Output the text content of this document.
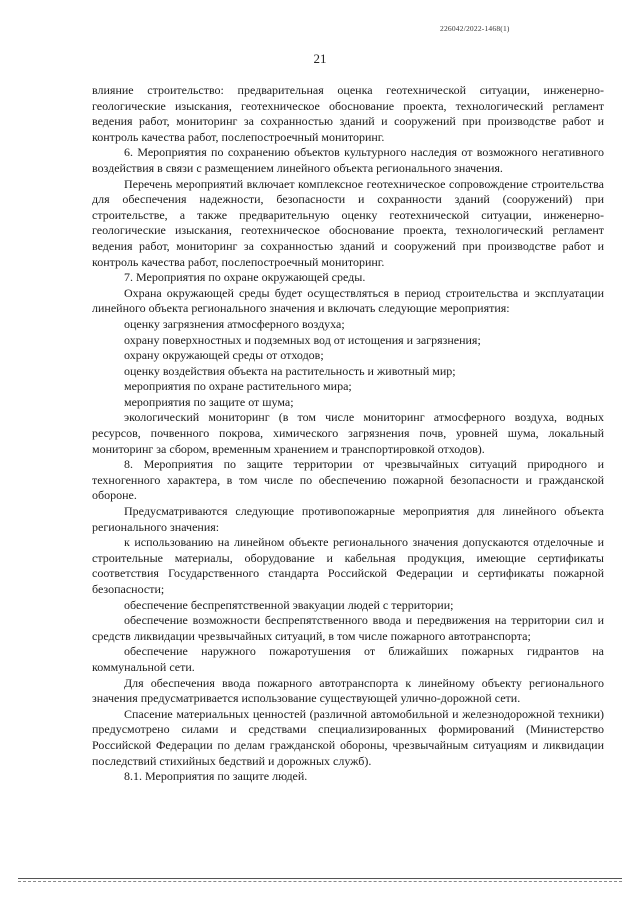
226042/2022-1468(1)
21

влияние строительство: предварительная оценка геотехнической ситуации, инженерно-геологические изыскания, геотехническое обоснование проекта, технологический регламент ведения работ, мониторинг за сохранностью зданий и сооружений при производстве работ и контроль качества работ, послепостроечный мониторинг.

6. Мероприятия по сохранению объектов культурного наследия от возможного негативного воздействия в связи с размещением линейного объекта регионального значения.

Перечень мероприятий включает комплексное геотехническое сопровождение строительства для обеспечения надежности, безопасности и сохранности зданий (сооружений) при строительстве, а также предварительную оценку геотехнической ситуации, инженерно-геологические изыскания, геотехническое обоснование проекта, технологический регламент ведения работ, мониторинг за сохранностью зданий и сооружений при производстве работ и контроль качества работ, послепостроечный мониторинг.

7. Мероприятия по охране окружающей среды.

Охрана окружающей среды будет осуществляться в период строительства и эксплуатации линейного объекта регионального значения и включать следующие мероприятия:

оценку загрязнения атмосферного воздуха;

охрану поверхностных и подземных вод от истощения и загрязнения;

охрану окружающей среды от отходов;

оценку воздействия объекта на растительность и животный мир;

мероприятия по охране растительного мира;

мероприятия по защите от шума;

экологический мониторинг (в том числе мониторинг атмосферного воздуха, водных ресурсов, почвенного покрова, химического загрязнения почв, уровней шума, локальный мониторинг за сбором, временным хранением и транспортировкой отходов).

8. Мероприятия по защите территории от чрезвычайных ситуаций природного и техногенного характера, в том числе по обеспечению пожарной безопасности и гражданской обороне.

Предусматриваются следующие противопожарные мероприятия для линейного объекта регионального значения:

к использованию на линейном объекте регионального значения допускаются отделочные и строительные материалы, оборудование и кабельная продукция, имеющие сертификаты соответствия Государственного стандарта Российской Федерации и сертификаты пожарной безопасности;

обеспечение беспрепятственной эвакуации людей с территории;

обеспечение возможности беспрепятственного ввода и передвижения на территории сил и средств ликвидации чрезвычайных ситуаций, в том числе пожарного автотранспорта;

обеспечение наружного пожаротушения от ближайших пожарных гидрантов на коммунальной сети.

Для обеспечения ввода пожарного автотранспорта к линейному объекту регионального значения предусматривается использование существующей улично-дорожной сети.

Спасение материальных ценностей (различной автомобильной и железнодорожной техники) предусмотрено силами и средствами специализированных формирований (Министерство Российской Федерации по делам гражданской обороны, чрезвычайным ситуациям и ликвидации последствий стихийных бедствий и дорожных служб).

8.1. Мероприятия по защите людей.
